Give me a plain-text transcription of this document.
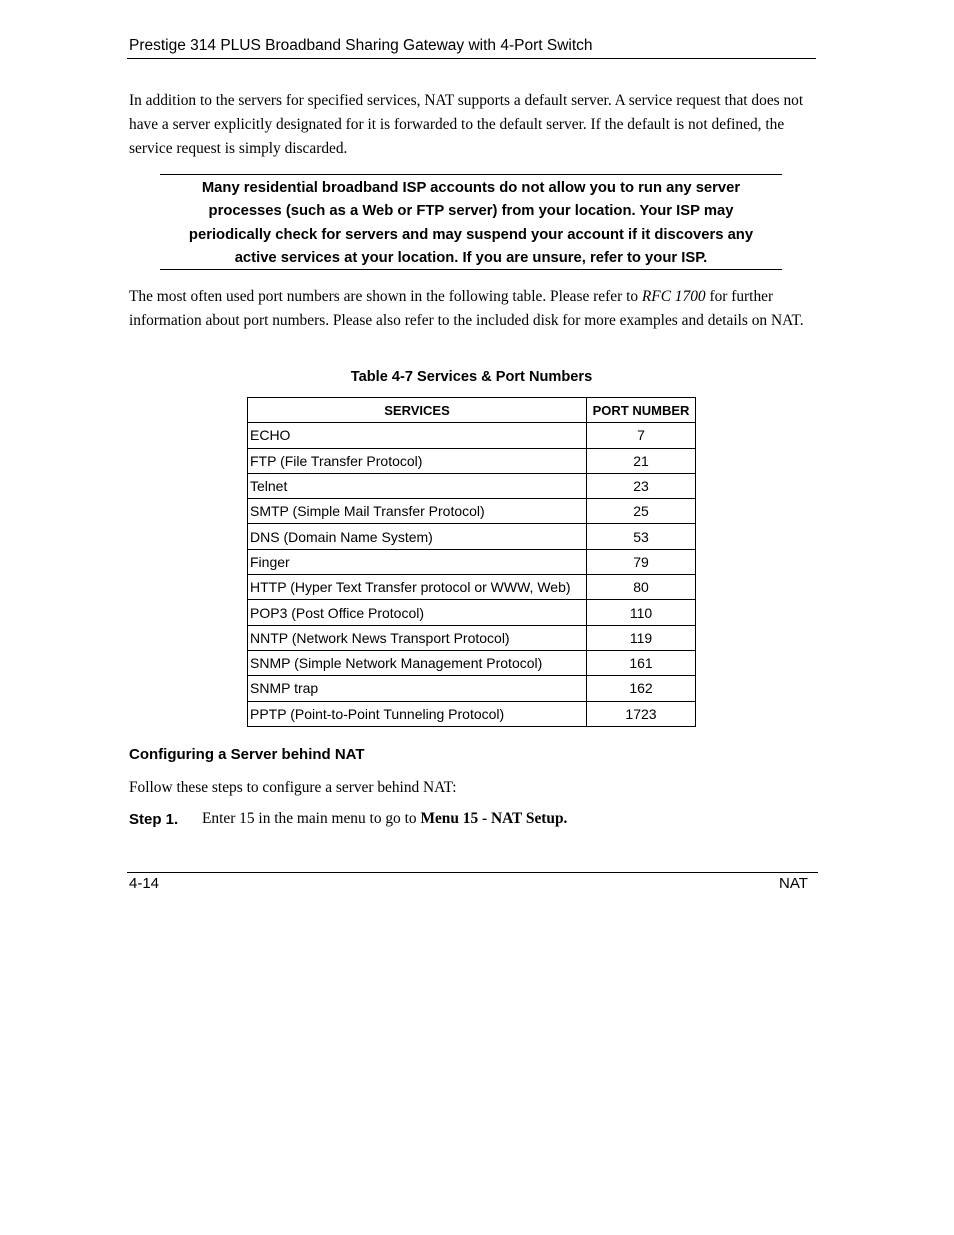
Prestige 314 PLUS Broadband Sharing Gateway with 4-Port Switch
In addition to the servers for specified services, NAT supports a default server. A service request that does not have a server explicitly designated for it is forwarded to the default server. If the default is not defined, the service request is simply discarded.
Many residential broadband ISP accounts do not allow you to run any server
processes (such as a Web or FTP server) from your location. Your ISP may
periodically check for servers and may suspend your account if it discovers any
active services at your location. If you are unsure, refer to your ISP.
The most often used port numbers are shown in the following table. Please refer to RFC 1700 for further information about port numbers. Please also refer to the included disk for more examples and details on NAT.
Table 4-7 Services & Port Numbers
SERVICES	PORT NUMBER
ECHO	7
FTP (File Transfer Protocol)	21
Telnet	23
SMTP (Simple Mail Transfer Protocol)	25
DNS (Domain Name System)	53
Finger	79
HTTP (Hyper Text Transfer protocol or WWW, Web)	80
POP3 (Post Office Protocol)	110
NNTP (Network News Transport Protocol)	119
SNMP (Simple Network Management Protocol)	161
SNMP trap	162
PPTP (Point-to-Point Tunneling Protocol)	1723
Configuring a Server behind NAT
Follow these steps to configure a server behind NAT:
Step 1. Enter 15 in the main menu to go to Menu 15 - NAT Setup.
4-14	NAT
